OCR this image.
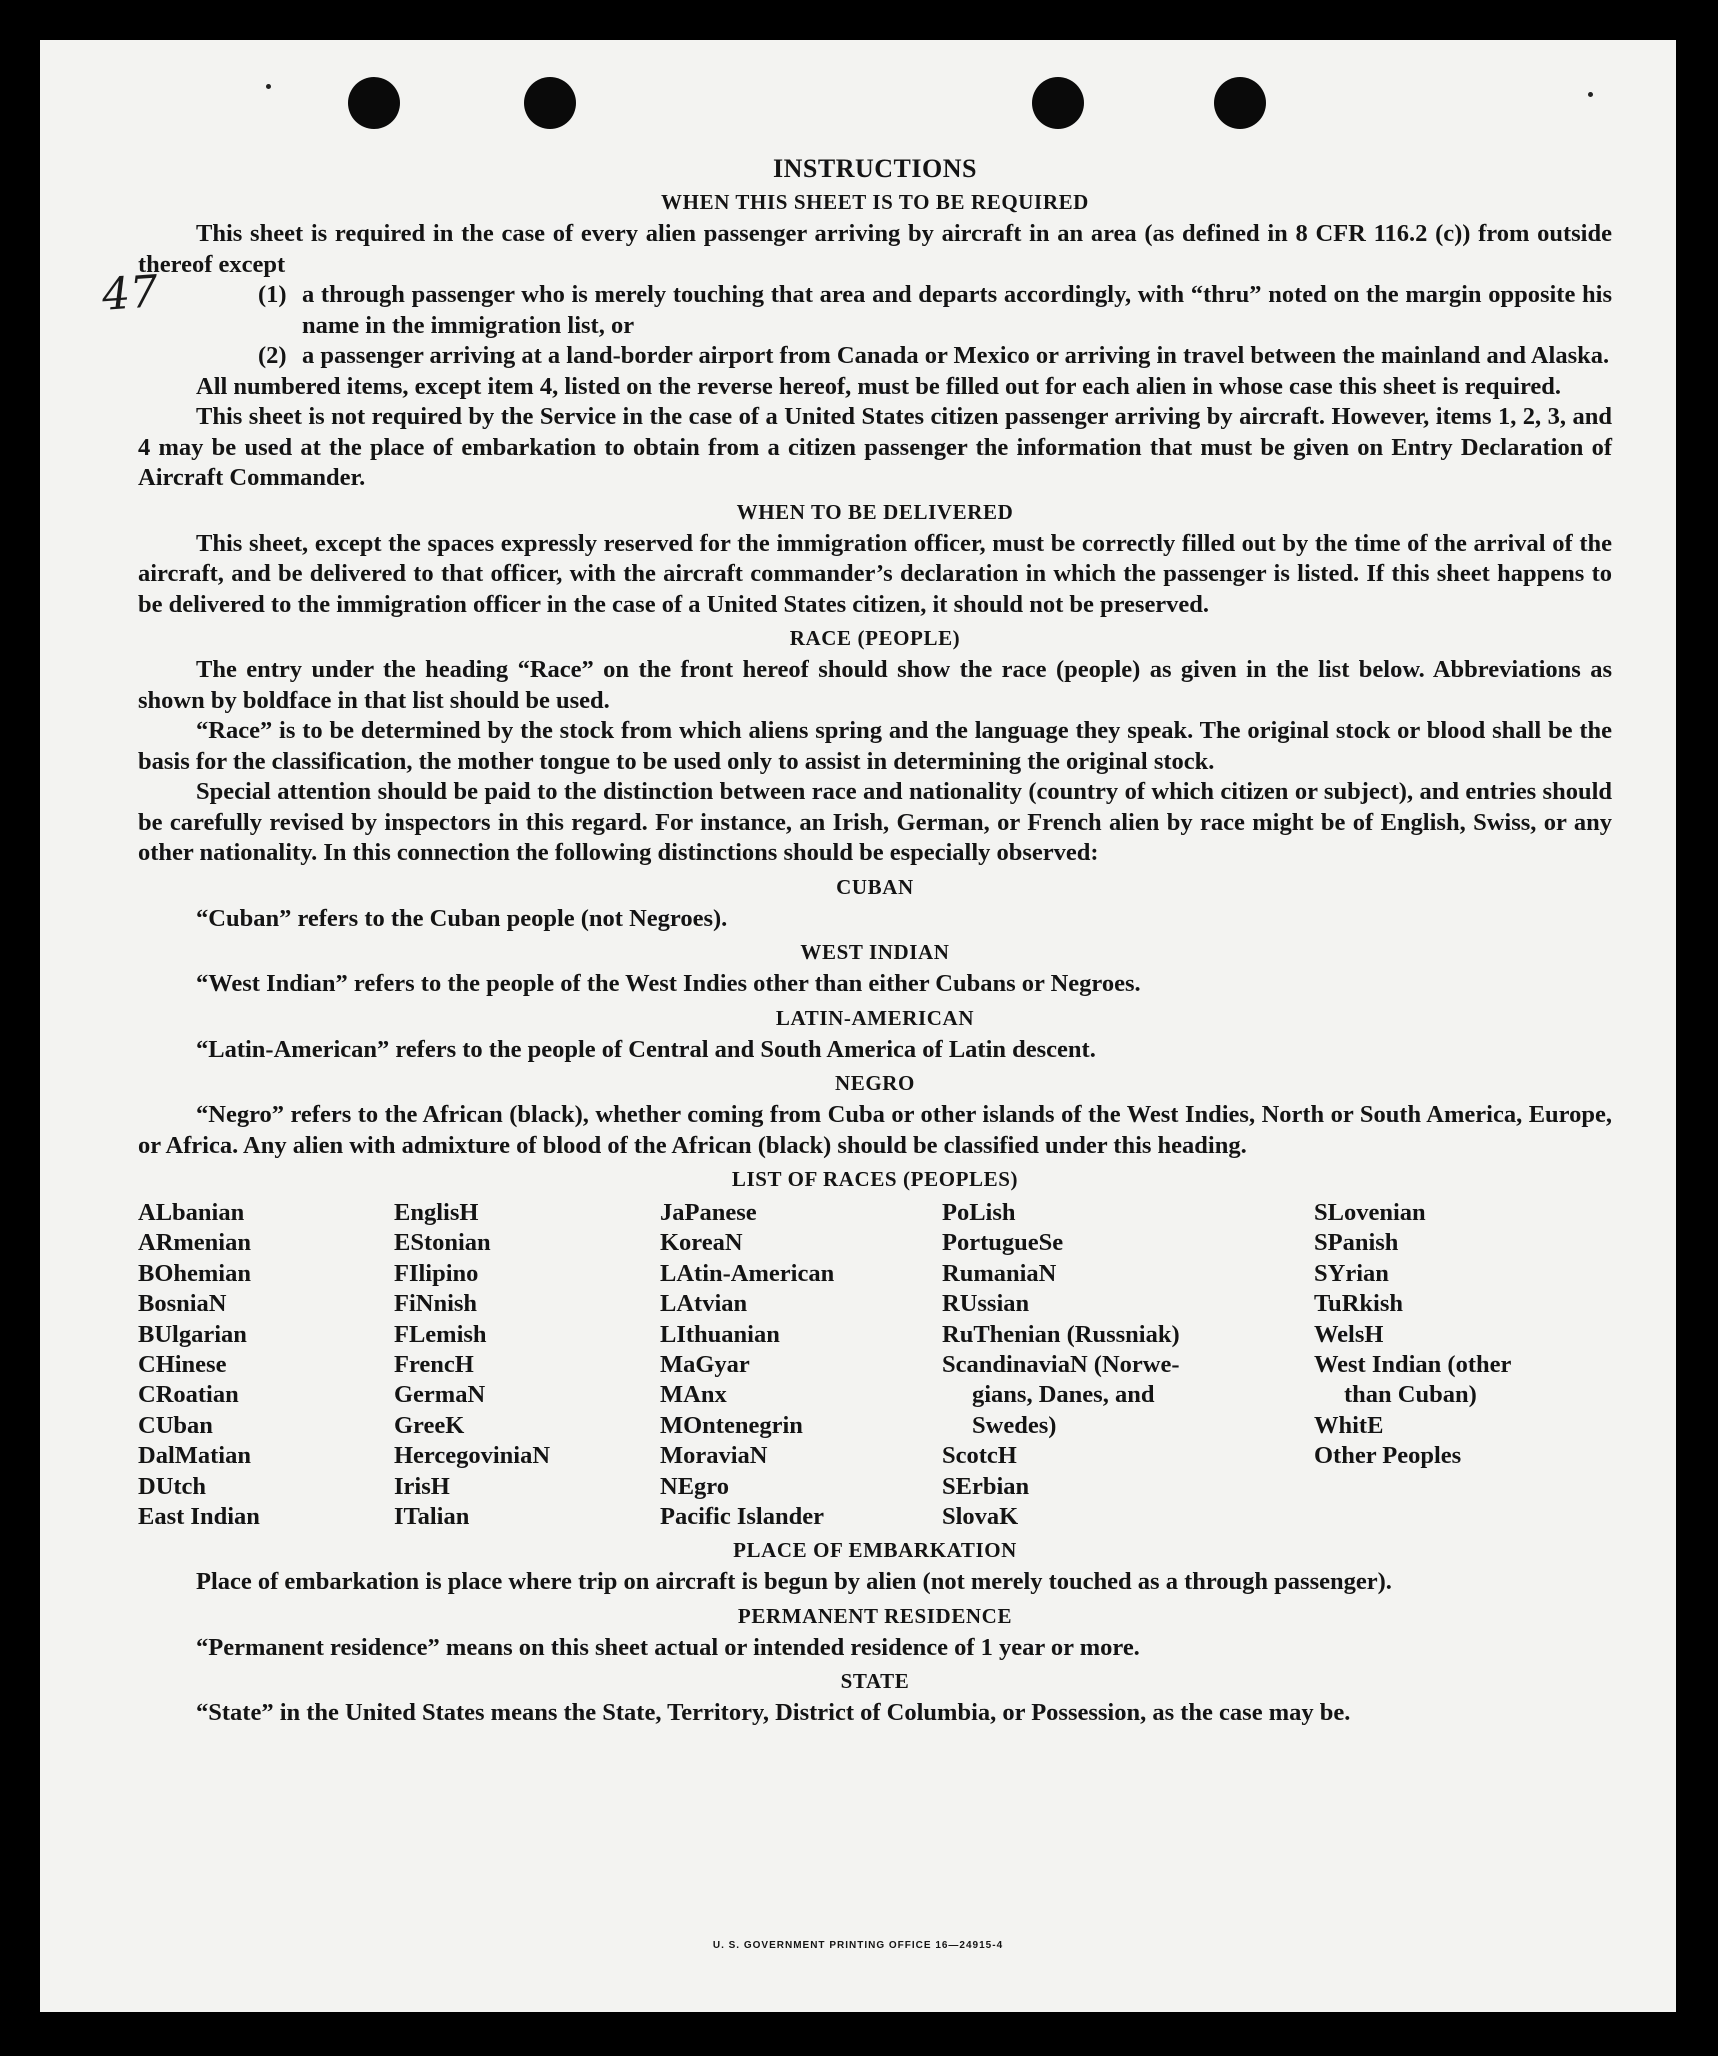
47
INSTRUCTIONS
WHEN THIS SHEET IS TO BE REQUIRED

This sheet is required in the case of every alien passenger arriving by aircraft in an area (as defined in 8 CFR 116.2 (c)) from outside thereof except

(1) a through passenger who is merely touching that area and departs accordingly, with “thru” noted on the margin opposite his name in the immigration list, or
(2) a passenger arriving at a land-border airport from Canada or Mexico or arriving in travel between the mainland and Alaska.

All numbered items, except item 4, listed on the reverse hereof, must be filled out for each alien in whose case this sheet is required.

This sheet is not required by the Service in the case of a United States citizen passenger arriving by aircraft. However, items 1, 2, 3, and 4 may be used at the place of embarkation to obtain from a citizen passenger the information that must be given on Entry Declaration of Aircraft Commander.

WHEN TO BE DELIVERED

This sheet, except the spaces expressly reserved for the immigration officer, must be correctly filled out by the time of the arrival of the aircraft, and be delivered to that officer, with the aircraft commander’s declaration in which the passenger is listed. If this sheet happens to be delivered to the immigration officer in the case of a United States citizen, it should not be preserved.

RACE (PEOPLE)

The entry under the heading “Race” on the front hereof should show the race (people) as given in the list below. Abbreviations as shown by boldface in that list should be used.

“Race” is to be determined by the stock from which aliens spring and the language they speak. The original stock or blood shall be the basis for the classification, the mother tongue to be used only to assist in determining the original stock.

Special attention should be paid to the distinction between race and nationality (country of which citizen or subject), and entries should be carefully revised by inspectors in this regard. For instance, an Irish, German, or French alien by race might be of English, Swiss, or any other nationality. In this connection the following distinctions should be especially observed:

CUBAN

“Cuban” refers to the Cuban people (not Negroes).

WEST INDIAN

“West Indian” refers to the people of the West Indies other than either Cubans or Negroes.

LATIN-AMERICAN

“Latin-American” refers to the people of Central and South America of Latin descent.

NEGRO

“Negro” refers to the African (black), whether coming from Cuba or other islands of the West Indies, North or South America, Europe, or Africa. Any alien with admixture of blood of the African (black) should be classified under this heading.

LIST OF RACES (PEOPLES)
ALbanian
ARmenian
BOhemian
BosniaN
BUlgarian
CHinese
CRoatian
CUban
DalMatian
DUtch
East Indian
EnglisH
EStonian
FIlipino
FiNnish
FLemish
FrencH
GermaN
GreeK
HercegoviniaN
IrisH
ITalian
JaPanese
KoreaN
LAtin-American
LAtvian
LIthuanian
MaGyar
MAnx
MOntenegrin
MoraviaN
NEgro
Pacific Islander
PoLish
PortugueSe
RumaniaN
RUssian
RuThenian (Russniak)
ScandinaviaN (Norwe-
gians, Danes, and
Swedes)
ScotcH
SErbian
SlovaK
SLovenian
SPanish
SYrian
TuRkish
WelsH
West Indian (other
than Cuban)
WhitE
Other Peoples
PLACE OF EMBARKATION

Place of embarkation is place where trip on aircraft is begun by alien (not merely touched as a through passenger).

PERMANENT RESIDENCE

“Permanent residence” means on this sheet actual or intended residence of 1 year or more.

STATE

“State” in the United States means the State, Territory, District of Columbia, or Possession, as the case may be.

U. S. GOVERNMENT PRINTING OFFICE 16—24915-4
